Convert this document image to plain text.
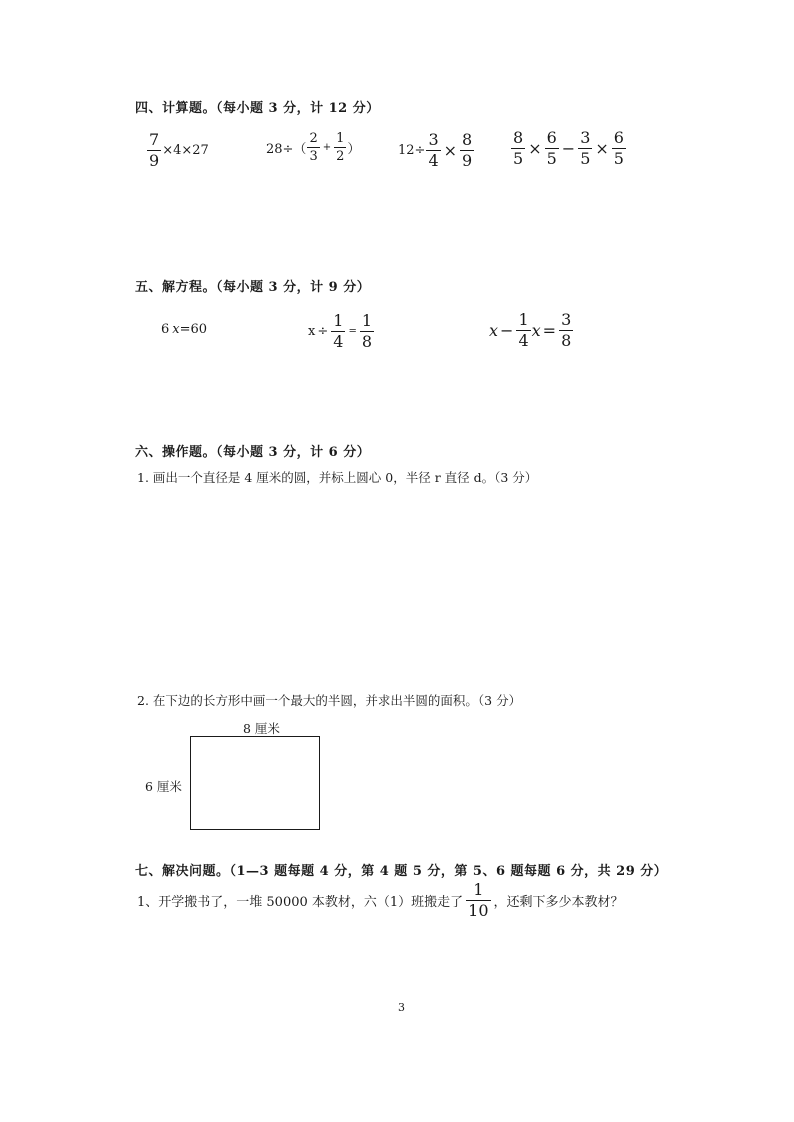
四、计算题。（每小题 3 分，计 12 分）
$\frac{7}{9} \times 4\times 27$	$28\div( \frac{2}{3} + \frac{1}{2}$ ）	$12\div \frac{3}{4} \times \frac{8}{9} \frac{8}{5} \times \frac{6}{5} - \frac{3}{5} \times \frac{6}{5}$
五、解方程。（每小题 3 分，计 9 分）
6 x =60	$x \div \frac{1}{4} = \frac{1}{8}$	$x - \frac{1}{4}$ $x = \frac{3}{8}$
六、操作题。（每小题 3 分，计 6 分）
1. 画出一个直径是 4 厘米的圆，并标上圆心 0，半径 r 直径 d。（3 分）
2. 在下边的长方形中画一个最大的半圆，并求出半圆的面积。（3 分）
8 厘米
6 厘米
七、解决问题。（1—3 题每题 4 分，第 4 题 5 分，第 5、6 题每题 6 分，共 29 分）
1、开学搬书了，一堆 50000 本教材，六（1）班搬走了 $\frac{1}{10}$ ，还剩下多少本教材？
3
